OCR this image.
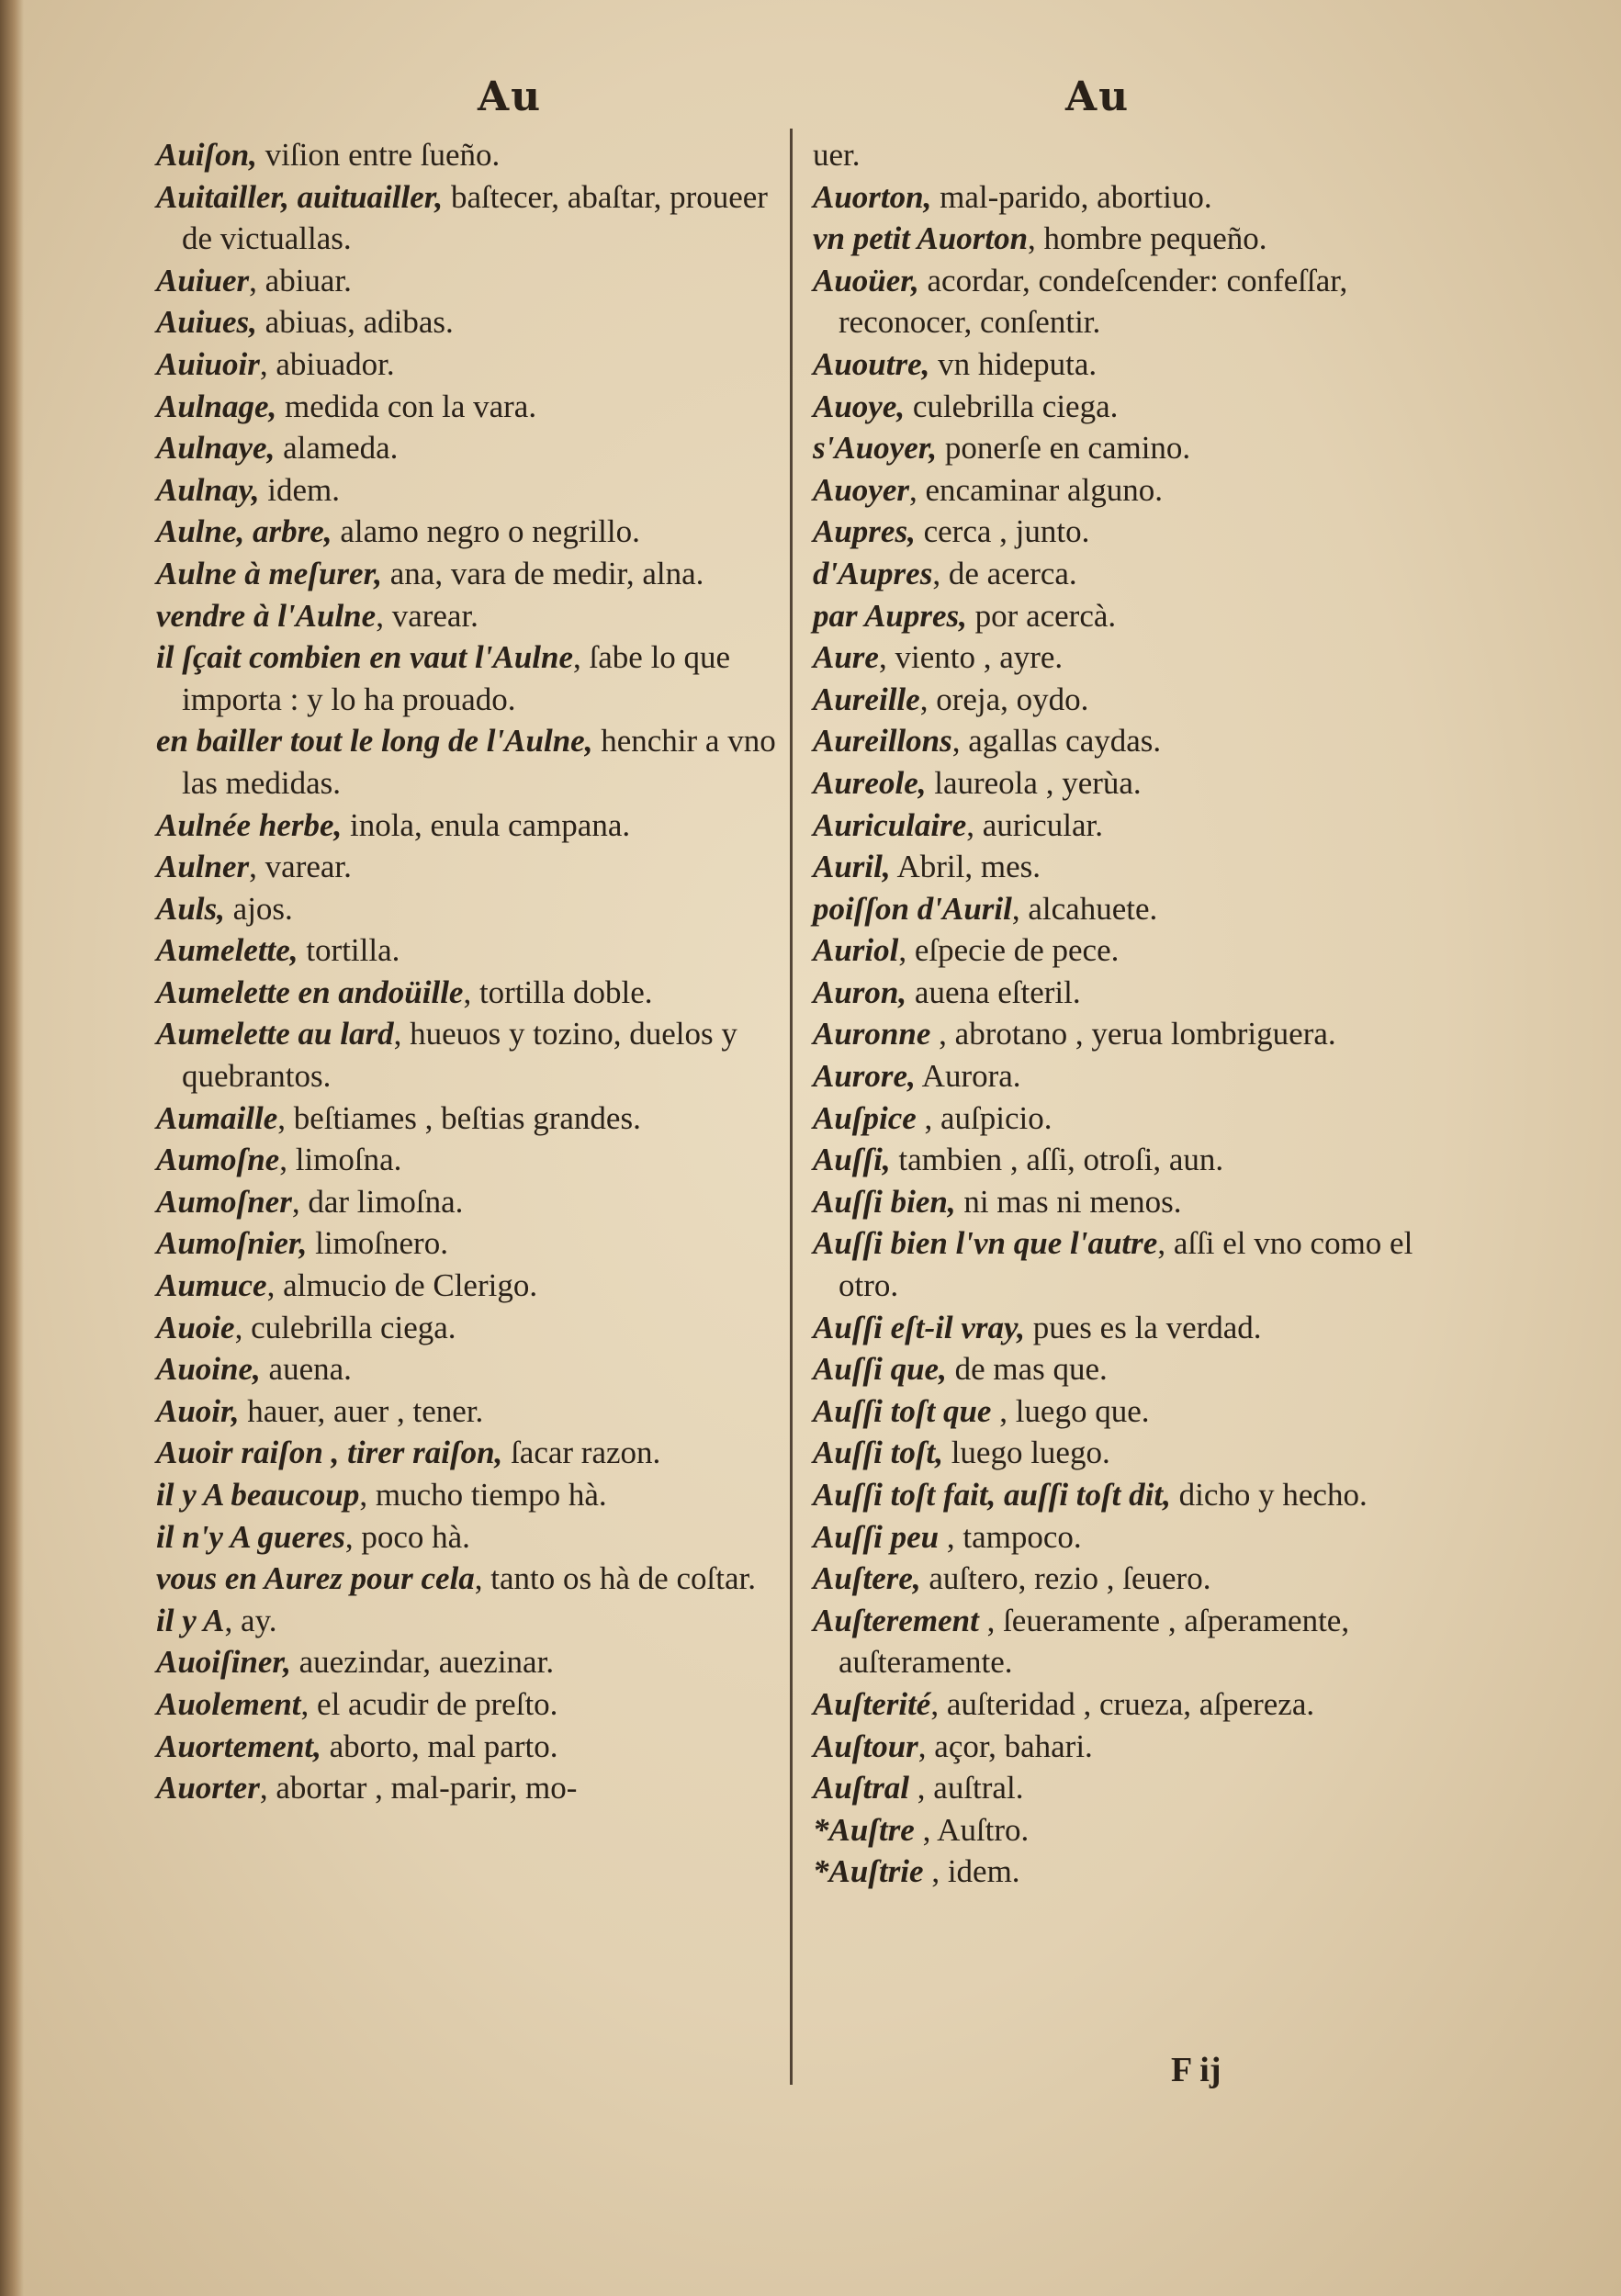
Au	Au
Auiſon, viſion entre ſueño.
Auitailler, auituailler, baſtecer, abaſtar, proueer de victuallas.
Auiuer, abiuar.
Auiues, abiuas, adibas.
Auiuoir, abiuador.
Aulnage, medida con la vara.
Aulnaye, alameda.
Aulnay, idem.
Aulne, arbre, alamo negro o negrillo.
Aulne à meſurer, ana, vara de medir, alna.
vendre à l'Aulne, varear.
il ſçait combien en vaut l'Aulne, ſabe lo que importa : y lo ha prouado.
en bailler tout le long de l'Aulne, henchir a vno las medidas.
Aulnée herbe, inola, enula campana.
Aulner, varear.
Auls, ajos.
Aumelette, tortilla.
Aumelette en andoüille, tortilla doble.
Aumelette au lard, hueuos y tozino, duelos y quebrantos.
Aumaille, beſtiames , beſtias grandes.
Aumoſne, limoſna.
Aumoſner, dar limoſna.
Aumoſnier, limoſnero.
Aumuce, almucio de Clerigo.
Auoie, culebrilla ciega.
Auoine, auena.
Auoir, hauer, auer , tener.
Auoir raiſon , tirer raiſon, ſacar razon.
il y A beaucoup, mucho tiempo hà.
il n'y A gueres, poco hà.
vous en Aurez pour cela, tanto os hà de coſtar.
il y A, ay.
Auoiſiner, auezindar, auezinar.
Auolement, el acudir de preſto.
Auortement, aborto, mal parto.
Auorter, abortar , mal-parir, mo-
uer.
Auorton, mal-parido, abortiuo.
vn petit Auorton, hombre pequeño.
Auoüer, acordar, condeſcender: confeſſar, reconocer, conſentir.
Auoutre, vn hideputa.
Auoye, culebrilla ciega.
s'Auoyer, ponerſe en camino.
Auoyer, encaminar alguno.
Aupres, cerca , junto.
d'Aupres, de acerca.
par Aupres, por acercà.
Aure, viento , ayre.
Aureille, oreja, oydo.
Aureillons, agallas caydas.
Aureole, laureola , yerùa.
Auriculaire, auricular.
Auril, Abril, mes.
poiſſon d'Auril, alcahuete.
Auriol, eſpecie de pece.
Auron, auena eſteril.
Auronne , abrotano , yerua lombriguera.
Aurore, Aurora.
Auſpice , auſpicio.
Auſſi, tambien , aſſi, otroſi, aun.
Auſſi bien, ni mas ni menos.
Auſſi bien l'vn que l'autre, aſſi el vno como el otro.
Auſſi eſt-il vray, pues es la verdad.
Auſſi que, de mas que.
Auſſi toſt que , luego que.
Auſſi toſt, luego luego.
Auſſi toſt fait, auſſi toſt dit, dicho y hecho.
Auſſi peu , tampoco.
Auſtere, auſtero, rezio , ſeuero.
Auſterement , ſeueramente , aſperamente, auſteramente.
Auſterité, auſteridad , crueza, aſpereza.
Auſtour, açor, bahari.
Auſtral , auſtral.
*Auſtre , Auſtro.
*Auſtrie , idem.
F ij
